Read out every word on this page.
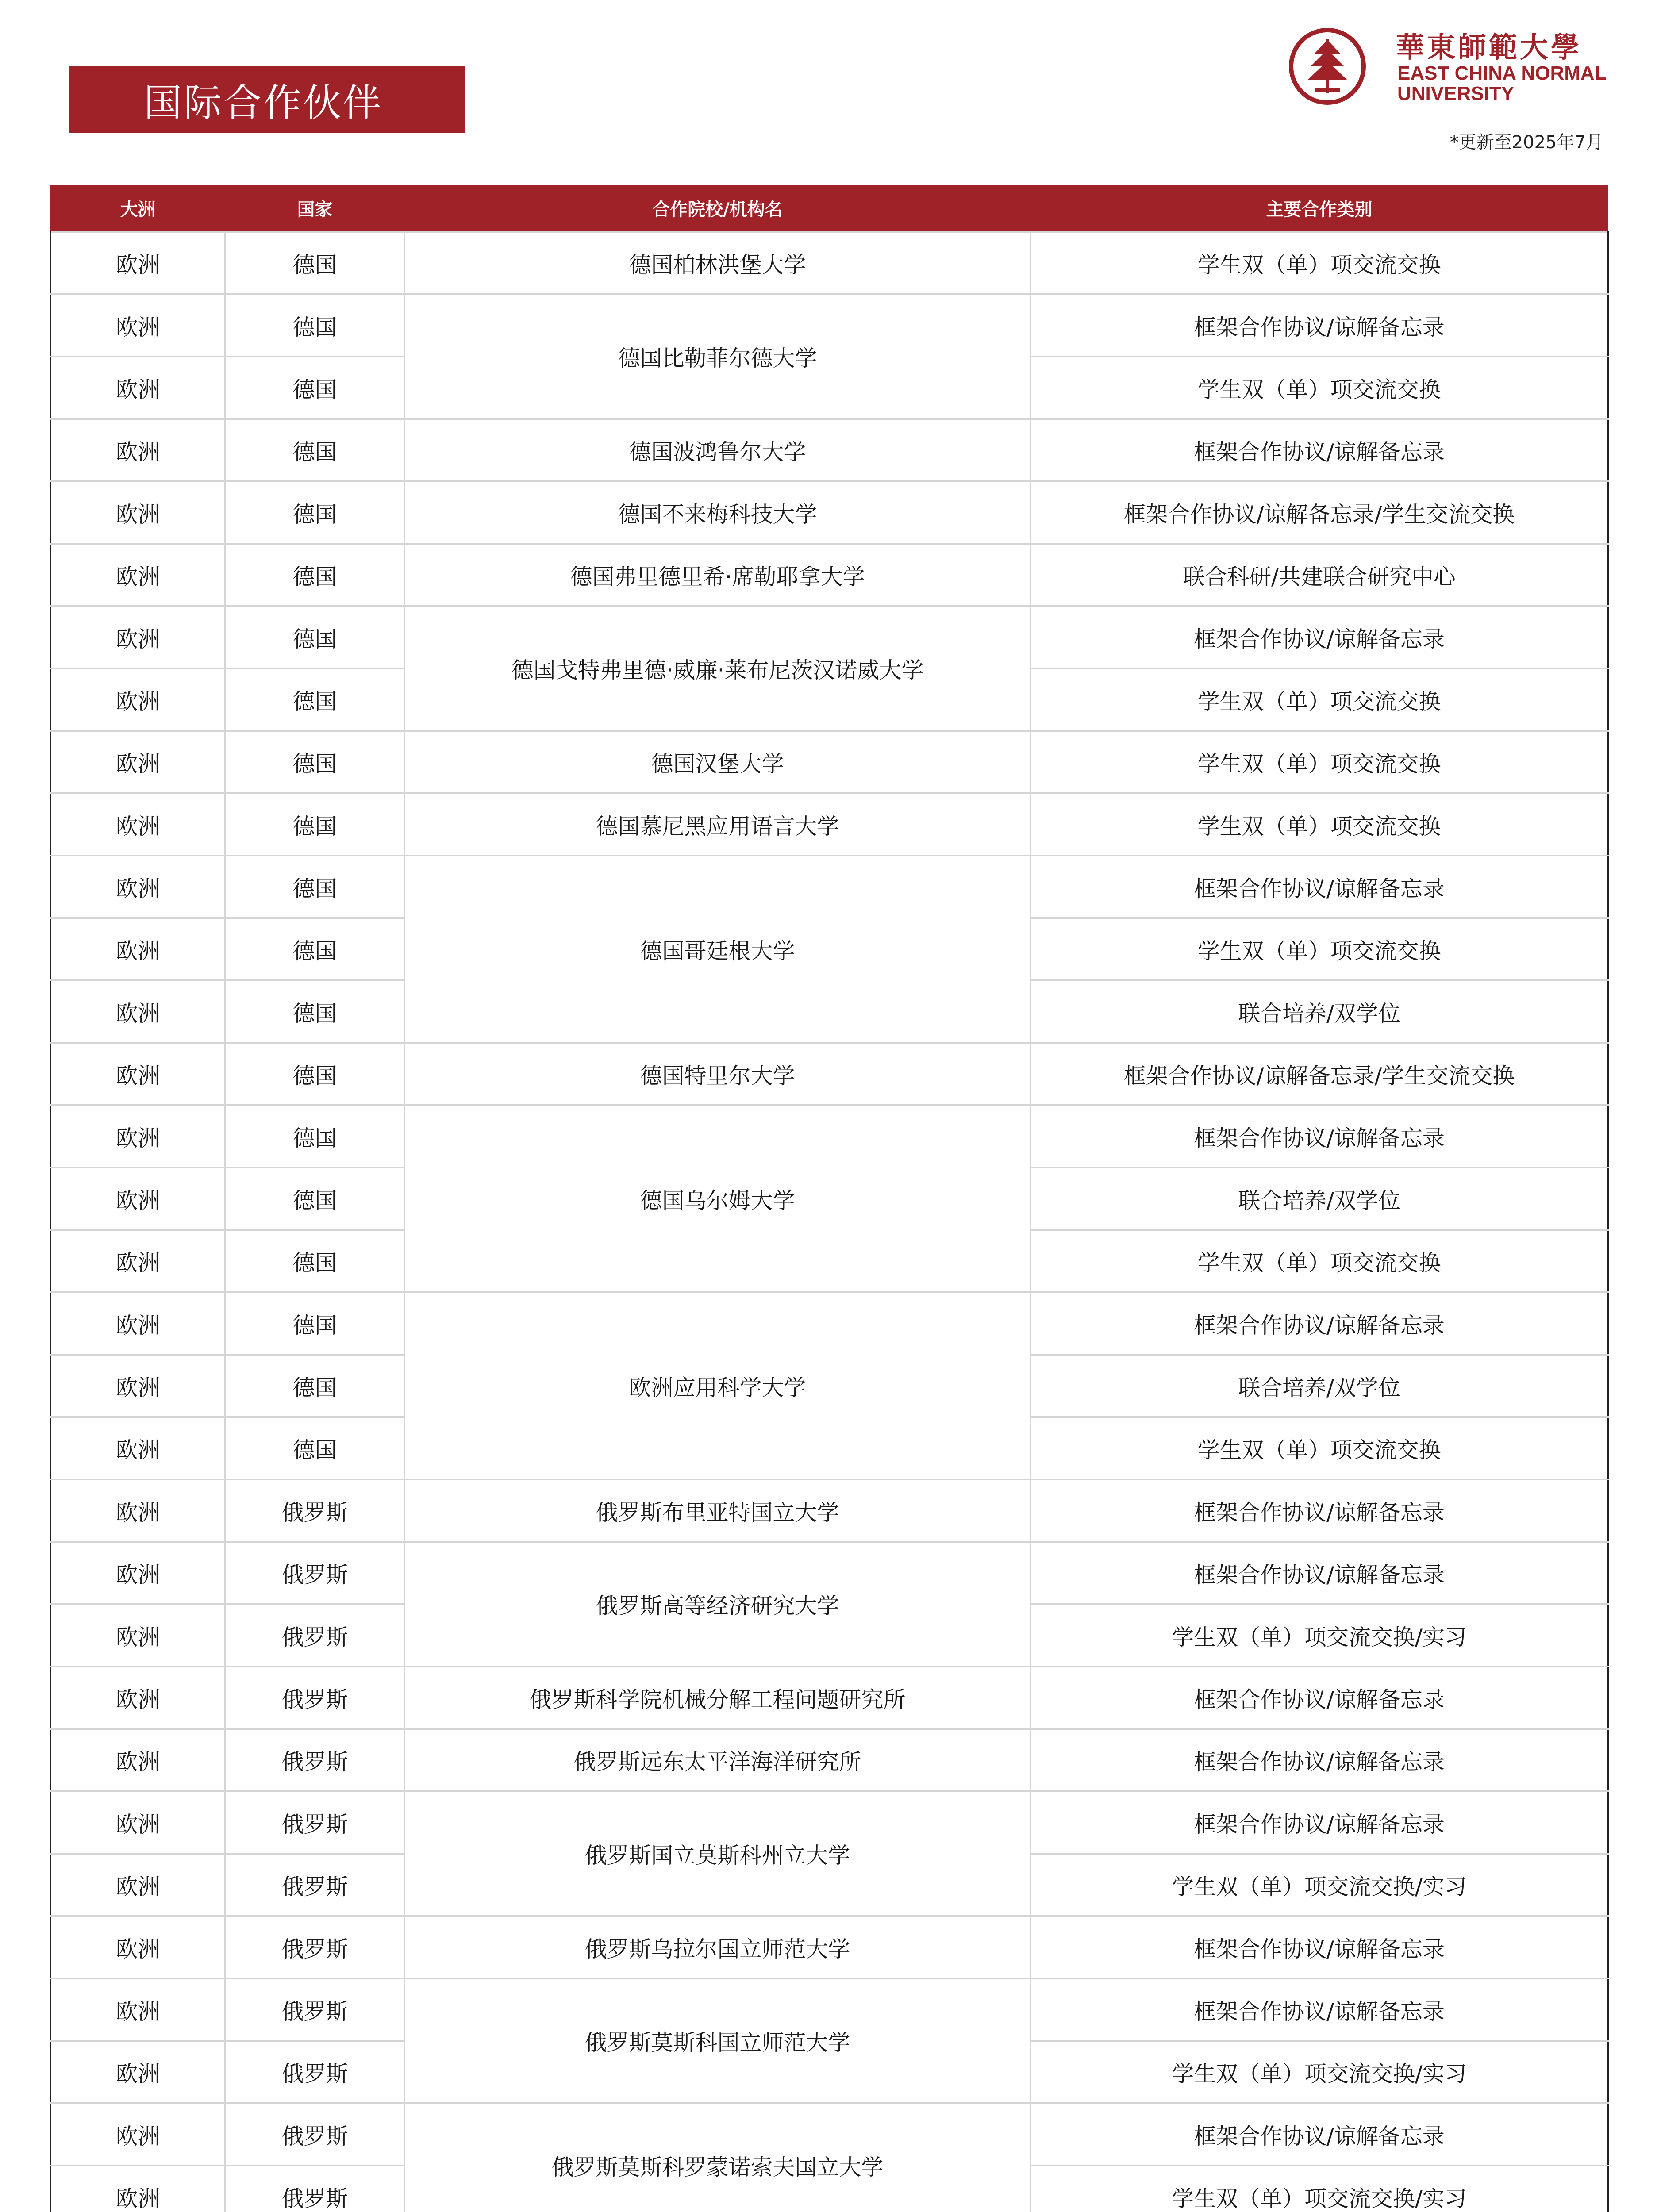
国际合作伙伴
華東師範大學
EAST CHINA NORMAL
UNIVERSITY
*更新至2025年7月
大洲	国家	合作院校/机构名	主要合作类别
欧洲	德国	德国柏林洪堡大学	学生双（单）项交流交换
欧洲	德国	德国比勒菲尔德大学	框架合作协议/谅解备忘录
欧洲	德国		学生双（单）项交流交换
欧洲	德国	德国波鸿鲁尔大学	框架合作协议/谅解备忘录
欧洲	德国	德国不来梅科技大学	框架合作协议/谅解备忘录/学生交流交换
欧洲	德国	德国弗里德里希·席勒耶拿大学	联合科研/共建联合研究中心
欧洲	德国	德国戈特弗里德·威廉·莱布尼茨汉诺威大学	框架合作协议/谅解备忘录
欧洲	德国		学生双（单）项交流交换
欧洲	德国	德国汉堡大学	学生双（单）项交流交换
欧洲	德国	德国慕尼黑应用语言大学	学生双（单）项交流交换
欧洲	德国	德国哥廷根大学	框架合作协议/谅解备忘录
欧洲	德国		学生双（单）项交流交换
欧洲	德国		联合培养/双学位
欧洲	德国	德国特里尔大学	框架合作协议/谅解备忘录/学生交流交换
欧洲	德国	德国乌尔姆大学	框架合作协议/谅解备忘录
欧洲	德国		联合培养/双学位
欧洲	德国		学生双（单）项交流交换
欧洲	德国	欧洲应用科学大学	框架合作协议/谅解备忘录
欧洲	德国		联合培养/双学位
欧洲	德国		学生双（单）项交流交换
欧洲	俄罗斯	俄罗斯布里亚特国立大学	框架合作协议/谅解备忘录
欧洲	俄罗斯	俄罗斯高等经济研究大学	框架合作协议/谅解备忘录
欧洲	俄罗斯		学生双（单）项交流交换/实习
欧洲	俄罗斯	俄罗斯科学院机械分解工程问题研究所	框架合作协议/谅解备忘录
欧洲	俄罗斯	俄罗斯远东太平洋海洋研究所	框架合作协议/谅解备忘录
欧洲	俄罗斯	俄罗斯国立莫斯科州立大学	框架合作协议/谅解备忘录
欧洲	俄罗斯		学生双（单）项交流交换/实习
欧洲	俄罗斯	俄罗斯乌拉尔国立师范大学	框架合作协议/谅解备忘录
欧洲	俄罗斯	俄罗斯莫斯科国立师范大学	框架合作协议/谅解备忘录
欧洲	俄罗斯		学生双（单）项交流交换/实习
欧洲	俄罗斯	俄罗斯莫斯科罗蒙诺索夫国立大学	框架合作协议/谅解备忘录
欧洲	俄罗斯		学生双（单）项交流交换/实习
